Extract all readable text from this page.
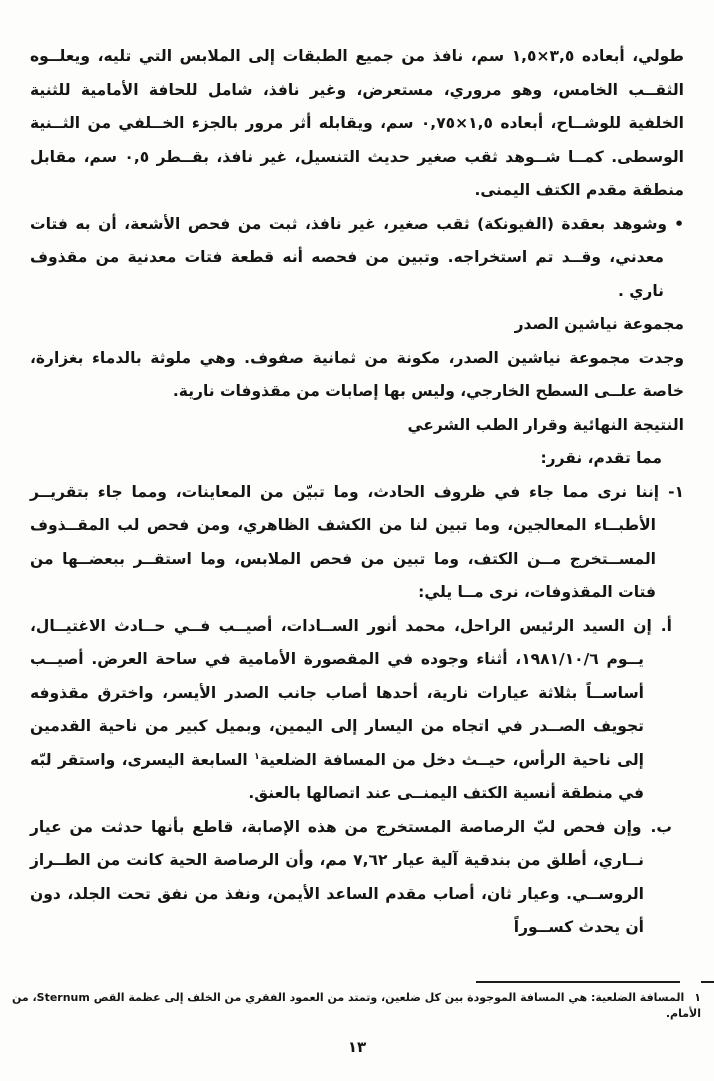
طولي، أبعاده ٣,٥×١,٥ سم، نافذ من جميع الطبقات إلى الملابس التي تليه، ويعلــوه الثقــب الخامس، وهو مروري، مستعرض، وغير نافذ، شامل للحافة الأمامية للثنية الخلفية للوشــاح، أبعاده ١,٥×٠,٧٥ سم، ويقابله أثر مرور بالجزء الخــلفي من الثــنية الوسطى. كمــا شــوهد ثقب صغير حديث التنسيل، غير نافذ، بقــطر ٠,٥ سم، مقابل منطقة مقدم الكتف اليمنى.

•وشوهد بعقدة (الفيونكة) ثقب صغير، غير نافذ، ثبت من فحص الأشعة، أن به فتات معدني، وقــد تم استخراجه. وتبين من فحصه أنه قطعة فتات معدنية من مقذوف ناري .

مجموعة نياشين الصدر

وجدت مجموعة نياشين الصدر، مكونة من ثمانية صفوف. وهي ملوثة بالدماء بغزارة، خاصة علــى السطح الخارجي، وليس بها إصابات من مقذوفات نارية.

النتيجة النهائية وقرار الطب الشرعي

مما تقدم، نقرر:

١-إننا نرى مما جاء في ظروف الحادث، وما تبيّن من المعاينات، ومما جاء بتقريــر الأطبــاء المعالجين، وما تبين لنا من الكشف الظاهري، ومن فحص لب المقــذوف المســتخرج مــن الكتف، وما تبين من فحص الملابس، وما استقــر ببعضــها من فتات المقذوفات، نرى مــا يلي:

أ.إن السيد الرئيس الراحل، محمد أنور الســادات، أصيــب فــي حــادث الاغتيــال، يــوم ١٩٨١/١٠/٦، أثناء وجوده في المقصورة الأمامية في ساحة العرض. أصيــب أساســاً بثلاثة عيارات نارية، أحدها أصاب جانب الصدر الأيسر، واخترق مقذوفه تجويف الصــدر في اتجاه من اليسار إلى اليمين، وبميل كبير من ناحية القدمين إلى ناحية الرأس، حيــث دخل من المسافة الضلعية$^١$ السابعة اليسرى، واستقر لبّه في منطقة أنسية الكتف اليمنــى عند اتصالها بالعنق.

ب.وإن فحص لبّ الرصاصة المستخرج من هذه الإصابة، قاطع بأنها حدثت من عيار نــاري، أطلق من بندقية آلية عيار ٧,٦٢ مم، وأن الرصاصة الحية كانت من الطــراز الروســي. وعيار ثان، أصاب مقدم الساعد الأيمن، ونفذ من نفق تحت الجلد، دون أن يحدث كســوراً

١المسافة الضلعية: هي المسافة الموجودة بين كل ضلعين، وتمتد من العمود الفقري من الخلف إلى عظمة القص Sternum، من الأمام.

١٣
